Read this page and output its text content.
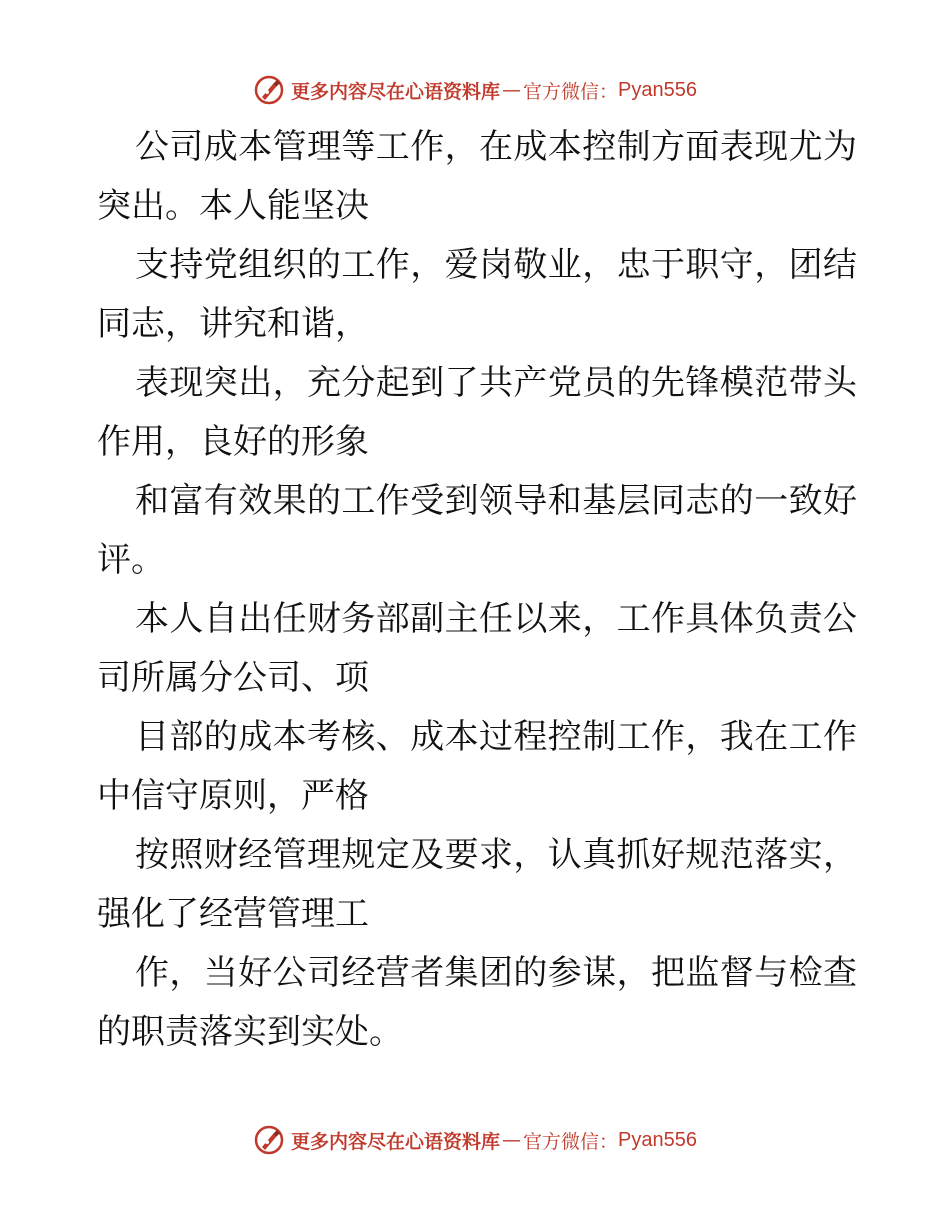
更多内容尽在心语资料库 — 官方微信： Pyan556
公司成本管理等工作，在成本控制方面表现尤为
突出。本人能坚决
支持党组织的工作，爱岗敬业，忠于职守，团结
同志，讲究和谐，
表现突出，充分起到了共产党员的先锋模范带头
作用，良好的形象
和富有效果的工作受到领导和基层同志的一致好
评。
本人自出任财务部副主任以来，工作具体负责公
司所属分公司、项
目部的成本考核、成本过程控制工作，我在工作
中信守原则，严格
按照财经管理规定及要求，认真抓好规范落实，
强化了经营管理工
作，当好公司经营者集团的参谋，把监督与检查
的职责落实到实处。
更多内容尽在心语资料库 — 官方微信： Pyan556
